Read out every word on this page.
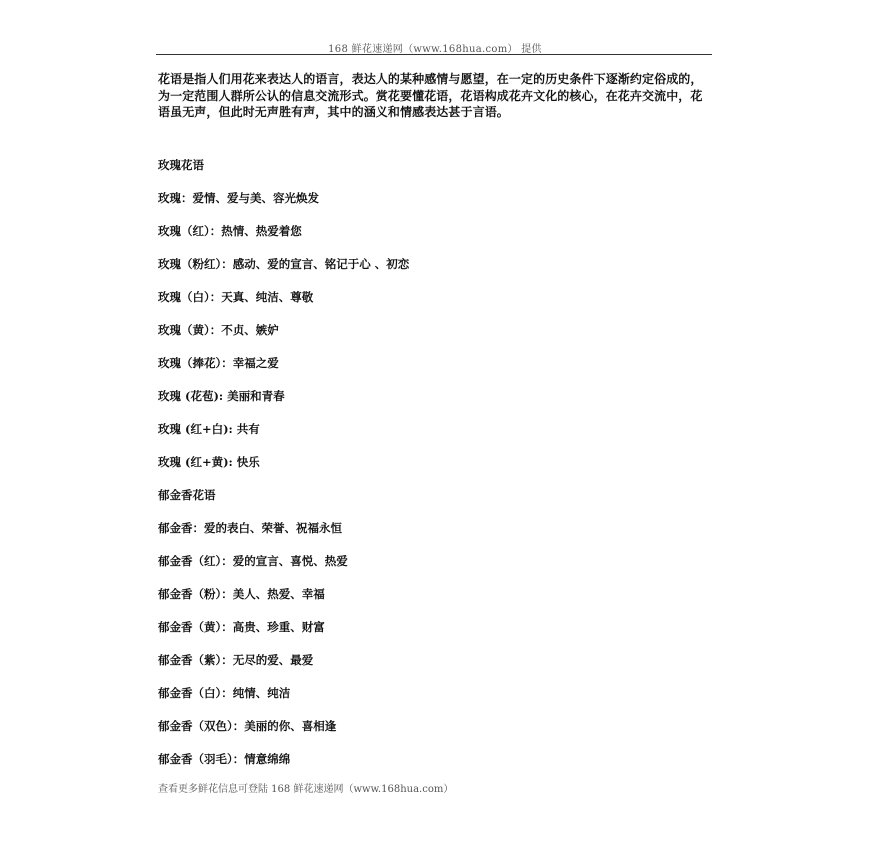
168 鲜花速递网（www.168hua.com） 提供
花语是指人们用花来表达人的语言，表达人的某种感情与愿望，在一定的历史条件下逐渐约定俗成的，为一定范围人群所公认的信息交流形式。赏花要懂花语，花语构成花卉文化的核心，在花卉交流中，花语虽无声，但此时无声胜有声，其中的涵义和情感表达甚于言语。
玫瑰花语
玫瑰：爱情、爱与美、容光焕发
玫瑰（红）：热情、热爱着您
玫瑰（粉红）：感动、爱的宣言、铭记于心 、初恋
玫瑰（白）：天真、纯洁、尊敬
玫瑰（黄）：不贞、嫉妒
玫瑰（捧花）：幸福之爱
玫瑰 (花苞): 美丽和青春
玫瑰 (红+白): 共有
玫瑰 (红+黄): 快乐
郁金香花语
郁金香：爱的表白、荣誉、祝福永恒
郁金香（红）：爱的宣言、喜悦、热爱
郁金香（粉）：美人、热爱、幸福
郁金香（黄）：高贵、珍重、财富
郁金香（紫）：无尽的爱、最爱
郁金香（白）：纯情、纯洁
郁金香（双色）：美丽的你、喜相逢
郁金香（羽毛）：情意绵绵
查看更多鲜花信息可登陆 168 鲜花速递网（www.168hua.com）
